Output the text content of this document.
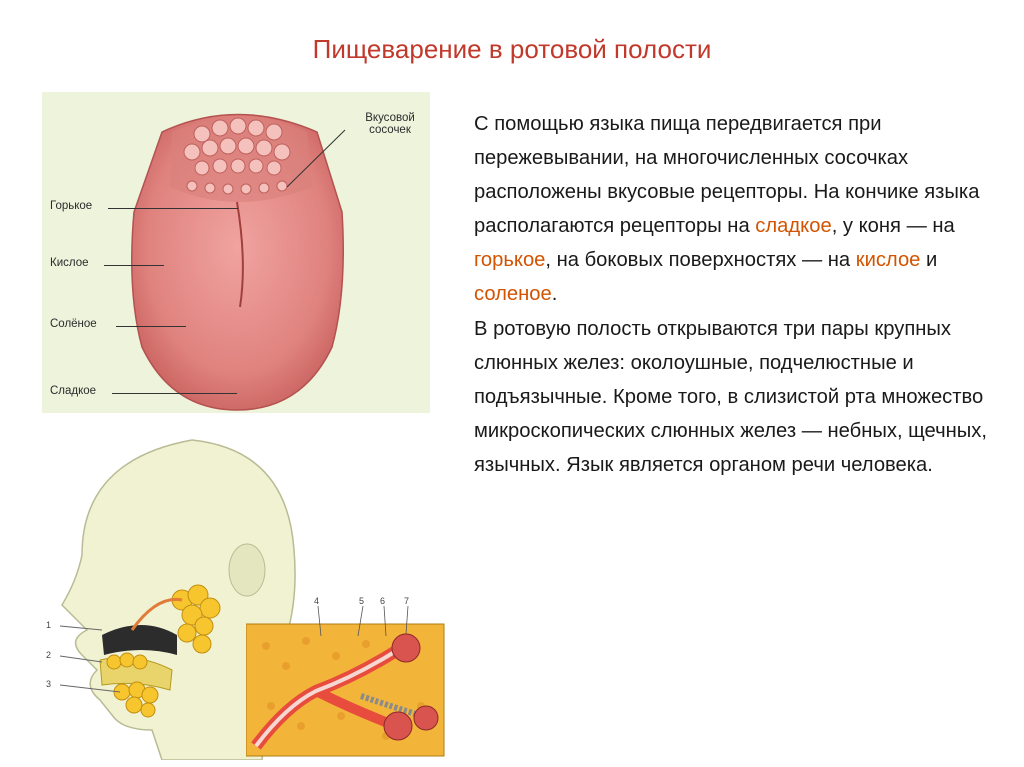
Пищеварение в ротовой полости
Вкусовой
сосочек
Горькое
Кислое
Солёное
Сладкое
1
2
3
4	5 6 7

С помощью языка пища передвигается при пережевывании, на многочисленных сосочках расположены вкусовые рецепторы. На кончике языка располагаются рецепторы на сладкое, у коня — на горькое, на боковых поверхностях — на кислое и соленое.

В ротовую полость открываются три пары крупных слюнных желез: околоушные, подчелюстные и подъязычные. Кроме того, в слизистой рта множество микроскопических слюнных желез — небных, щечных, язычных. Язык является органом речи человека.
